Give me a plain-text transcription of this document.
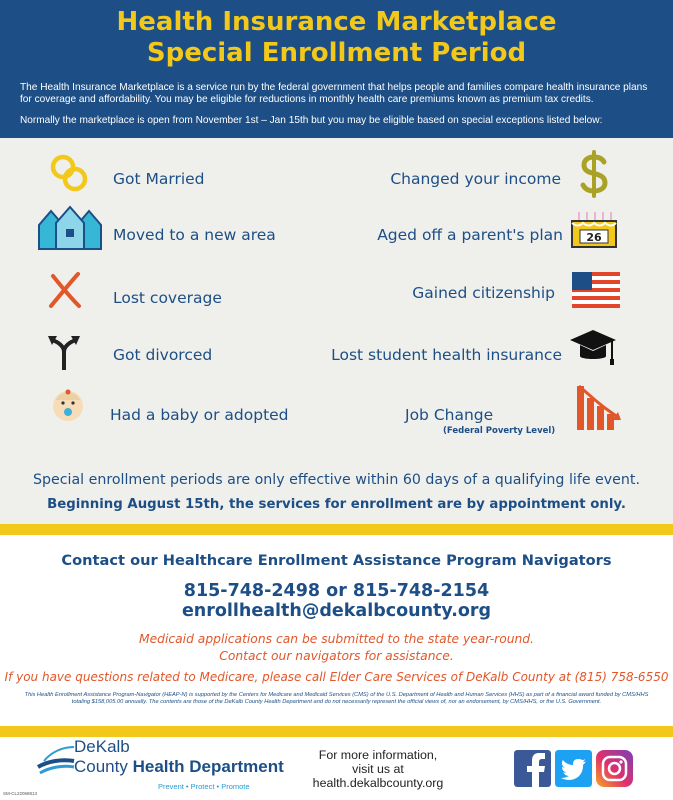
Health Insurance Marketplace
Special Enrollment Period
The Health Insurance Marketplace is a service run by the federal government that helps people and families compare health insurance plans for coverage and affordability. You may be eligible for reductions in monthly health care premiums known as premium tax credits.
Normally the marketplace is open from November 1st – Jan 15th but you may be eligible based on special exceptions listed below:
Got Married
Moved to a new area
Lost coverage
Got divorced
Had a baby or adopted
Changed your income
Aged off a parent's plan
Gained citizenship
Lost student health insurance
Job Change
(Federal Poverty Level)
26
Special enrollment periods are only effective within 60 days of a qualifying life event.
Beginning August 15th, the services for enrollment are by appointment only.
Contact our Healthcare Enrollment Assistance Program Navigators
815-748-2498 or 815-748-2154
enrollhealth@dekalbcounty.org
Medicaid applications can be submitted to the state year-round.
Contact our navigators for assistance.
If you have questions related to Medicare, please call Elder Care Services of DeKalb County at (815) 758-6550
This Health Enrollment Assistance Program-Navigator (HEAP-N) is supported by the Centers for Medicare and Medicaid Services (CMS) of the U.S. Department of Health and Human Services (HHS) as part of a financial award funded by CMS/HHS totaling $158,005.00 annually. The contents are those of the DeKalb County Health Department and do not necessarily represent the official views of, nor an endorsement, by CMS/HHS, or the U.S. Government.
DeKalb
County Health Department
Prevent • Protect • Promote
SM-CL22068813
For more information,
visit us at
health.dekalbcounty.org
